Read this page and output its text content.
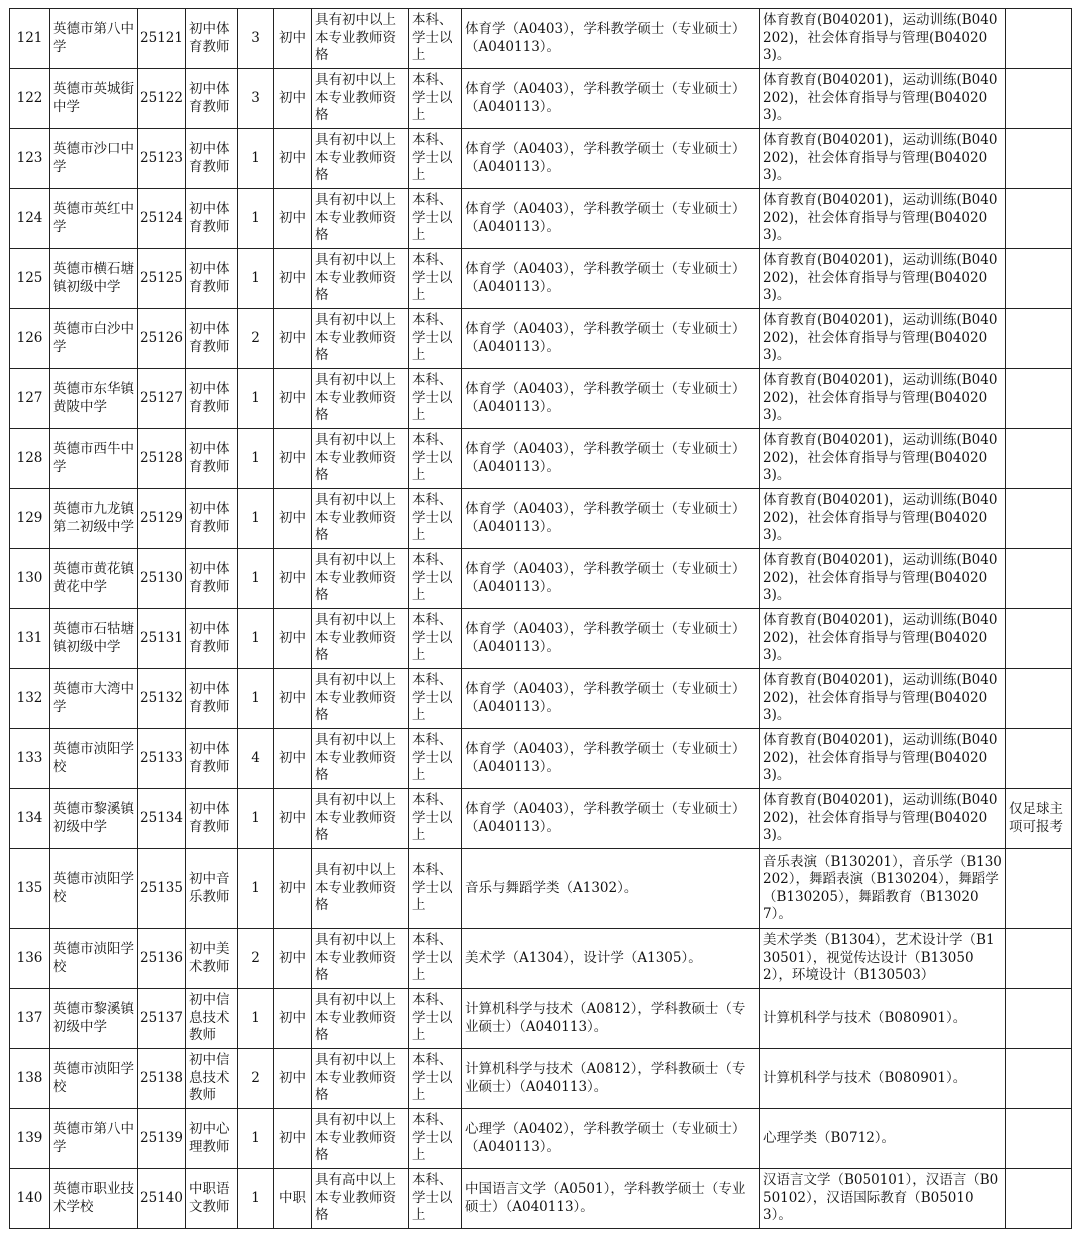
121	英德市第八中学	25121	初中体育教师	3	初中	具有初中以上本专业教师资格	本科、学士以上	体育学（A0403），学科教学硕士（专业硕士）（A040113）。	体育教育(B040201)，运动训练(B040202)，社会体育指导与管理(B040203)。	
122	英德市英城街中学	25122	初中体育教师	3	初中	具有初中以上本专业教师资格	本科、学士以上	体育学（A0403），学科教学硕士（专业硕士）（A040113）。	体育教育(B040201)，运动训练(B040202)，社会体育指导与管理(B040203)。	
123	英德市沙口中学	25123	初中体育教师	1	初中	具有初中以上本专业教师资格	本科、学士以上	体育学（A0403），学科教学硕士（专业硕士）（A040113）。	体育教育(B040201)，运动训练(B040202)，社会体育指导与管理(B040203)。	
124	英德市英红中学	25124	初中体育教师	1	初中	具有初中以上本专业教师资格	本科、学士以上	体育学（A0403），学科教学硕士（专业硕士）（A040113）。	体育教育(B040201)，运动训练(B040202)，社会体育指导与管理(B040203)。	
125	英德市横石塘镇初级中学	25125	初中体育教师	1	初中	具有初中以上本专业教师资格	本科、学士以上	体育学（A0403），学科教学硕士（专业硕士）（A040113）。	体育教育(B040201)，运动训练(B040202)，社会体育指导与管理(B040203)。	
126	英德市白沙中学	25126	初中体育教师	2	初中	具有初中以上本专业教师资格	本科、学士以上	体育学（A0403），学科教学硕士（专业硕士）（A040113）。	体育教育(B040201)，运动训练(B040202)，社会体育指导与管理(B040203)。	
127	英德市东华镇黄陂中学	25127	初中体育教师	1	初中	具有初中以上本专业教师资格	本科、学士以上	体育学（A0403），学科教学硕士（专业硕士）（A040113）。	体育教育(B040201)，运动训练(B040202)，社会体育指导与管理(B040203)。	
128	英德市西牛中学	25128	初中体育教师	1	初中	具有初中以上本专业教师资格	本科、学士以上	体育学（A0403），学科教学硕士（专业硕士）（A040113）。	体育教育(B040201)，运动训练(B040202)，社会体育指导与管理(B040203)。	
129	英德市九龙镇第二初级中学	25129	初中体育教师	1	初中	具有初中以上本专业教师资格	本科、学士以上	体育学（A0403），学科教学硕士（专业硕士）（A040113）。	体育教育(B040201)，运动训练(B040202)，社会体育指导与管理(B040203)。	
130	英德市黄花镇黄花中学	25130	初中体育教师	1	初中	具有初中以上本专业教师资格	本科、学士以上	体育学（A0403），学科教学硕士（专业硕士）（A040113）。	体育教育(B040201)，运动训练(B040202)，社会体育指导与管理(B040203)。	
131	英德市石牯塘镇初级中学	25131	初中体育教师	1	初中	具有初中以上本专业教师资格	本科、学士以上	体育学（A0403），学科教学硕士（专业硕士）（A040113）。	体育教育(B040201)，运动训练(B040202)，社会体育指导与管理(B040203)。	
132	英德市大湾中学	25132	初中体育教师	1	初中	具有初中以上本专业教师资格	本科、学士以上	体育学（A0403），学科教学硕士（专业硕士）（A040113）。	体育教育(B040201)，运动训练(B040202)，社会体育指导与管理(B040203)。	
133	英德市浈阳学校	25133	初中体育教师	4	初中	具有初中以上本专业教师资格	本科、学士以上	体育学（A0403），学科教学硕士（专业硕士）（A040113）。	体育教育(B040201)，运动训练(B040202)，社会体育指导与管理(B040203)。	
134	英德市黎溪镇初级中学	25134	初中体育教师	1	初中	具有初中以上本专业教师资格	本科、学士以上	体育学（A0403），学科教学硕士（专业硕士）（A040113）。	体育教育(B040201)，运动训练(B040202)，社会体育指导与管理(B040203)。	仅足球主项可报考
135	英德市浈阳学校	25135	初中音乐教师	1	初中	具有初中以上本专业教师资格	本科、学士以上	音乐与舞蹈学类（A1302）。	音乐表演（B130201），音乐学（B130202），舞蹈表演（B130204），舞蹈学（B130205），舞蹈教育（B130207）。	
136	英德市浈阳学校	25136	初中美术教师	2	初中	具有初中以上本专业教师资格	本科、学士以上	美术学（A1304），设计学（A1305）。	美术学类（B1304），艺术设计学（B130501），视觉传达设计（B130502），环境设计（B130503）	
137	英德市黎溪镇初级中学	25137	初中信息技术教师	1	初中	具有初中以上本专业教师资格	本科、学士以上	计算机科学与技术（A0812），学科教硕士（专业硕士）（A040113）。	计算机科学与技术（B080901）。	
138	英德市浈阳学校	25138	初中信息技术教师	2	初中	具有初中以上本专业教师资格	本科、学士以上	计算机科学与技术（A0812），学科教硕士（专业硕士）（A040113）。	计算机科学与技术（B080901）。	
139	英德市第八中学	25139	初中心理教师	1	初中	具有初中以上本专业教师资格	本科、学士以上	心理学（A0402），学科教学硕士（专业硕士）（A040113）。	心理学类（B0712）。	
140	英德市职业技术学校	25140	中职语文教师	1	中职	具有高中以上本专业教师资格	本科、学士以上	中国语言文学（A0501），学科教学硕士（专业硕士）（A040113）。	汉语言文学（B050101），汉语言（B050102），汉语国际教育（B050103）。	
